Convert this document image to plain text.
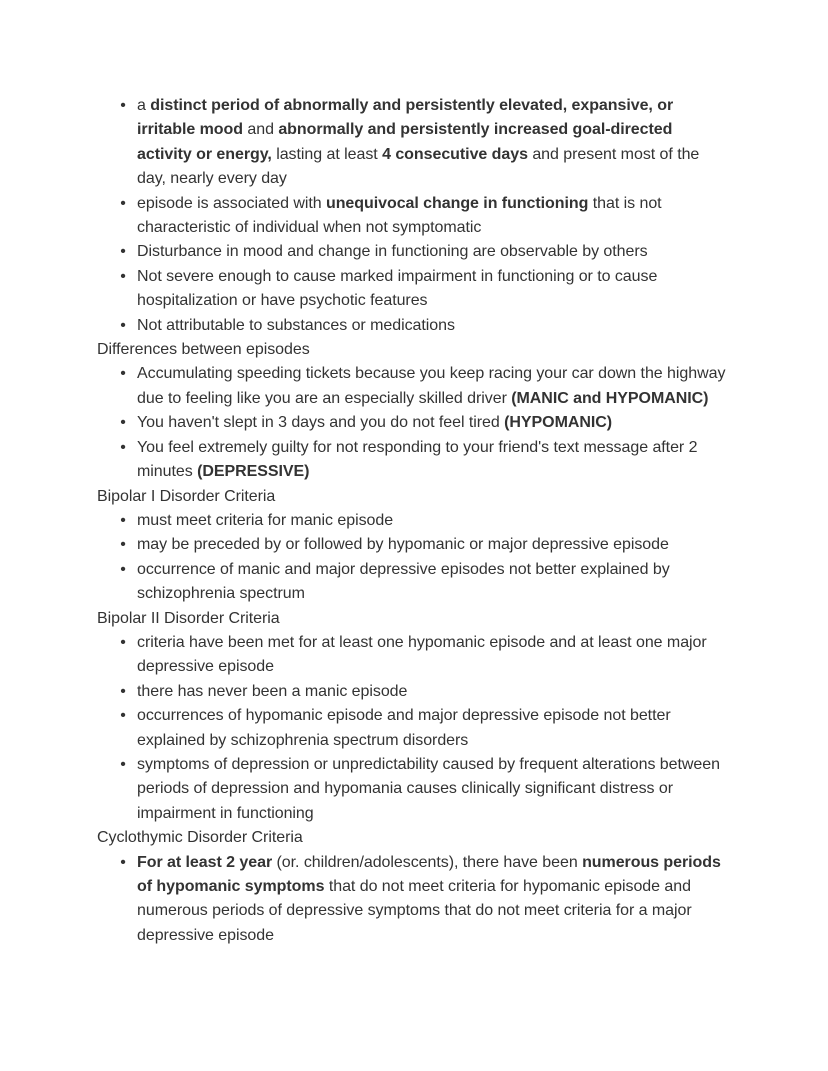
• a distinct period of abnormally and persistently elevated, expansive, or irritable mood and abnormally and persistently increased goal-directed activity or energy, lasting at least 4 consecutive days and present most of the day, nearly every day
• episode is associated with unequivocal change in functioning that is not characteristic of individual when not symptomatic
• Disturbance in mood and change in functioning are observable by others
• Not severe enough to cause marked impairment in functioning or to cause hospitalization or have psychotic features
• Not attributable to substances or medications
Differences between episodes
• Accumulating speeding tickets because you keep racing your car down the highway due to feeling like you are an especially skilled driver (MANIC and HYPOMANIC)
• You haven't slept in 3 days and you do not feel tired (HYPOMANIC)
• You feel extremely guilty for not responding to your friend's text message after 2 minutes (DEPRESSIVE)
Bipolar I Disorder Criteria
• must meet criteria for manic episode
• may be preceded by or followed by hypomanic or major depressive episode
• occurrence of manic and major depressive episodes not better explained by schizophrenia spectrum
Bipolar II Disorder Criteria
• criteria have been met for at least one hypomanic episode and at least one major depressive episode
• there has never been a manic episode
• occurrences of hypomanic episode and major depressive episode not better explained by schizophrenia spectrum disorders
• symptoms of depression or unpredictability caused by frequent alterations between periods of depression and hypomania causes clinically significant distress or impairment in functioning
Cyclothymic Disorder Criteria
• For at least 2 year (or. children/adolescents), there have been numerous periods of hypomanic symptoms that do not meet criteria for hypomanic episode and numerous periods of depressive symptoms that do not meet criteria for a major depressive episode
